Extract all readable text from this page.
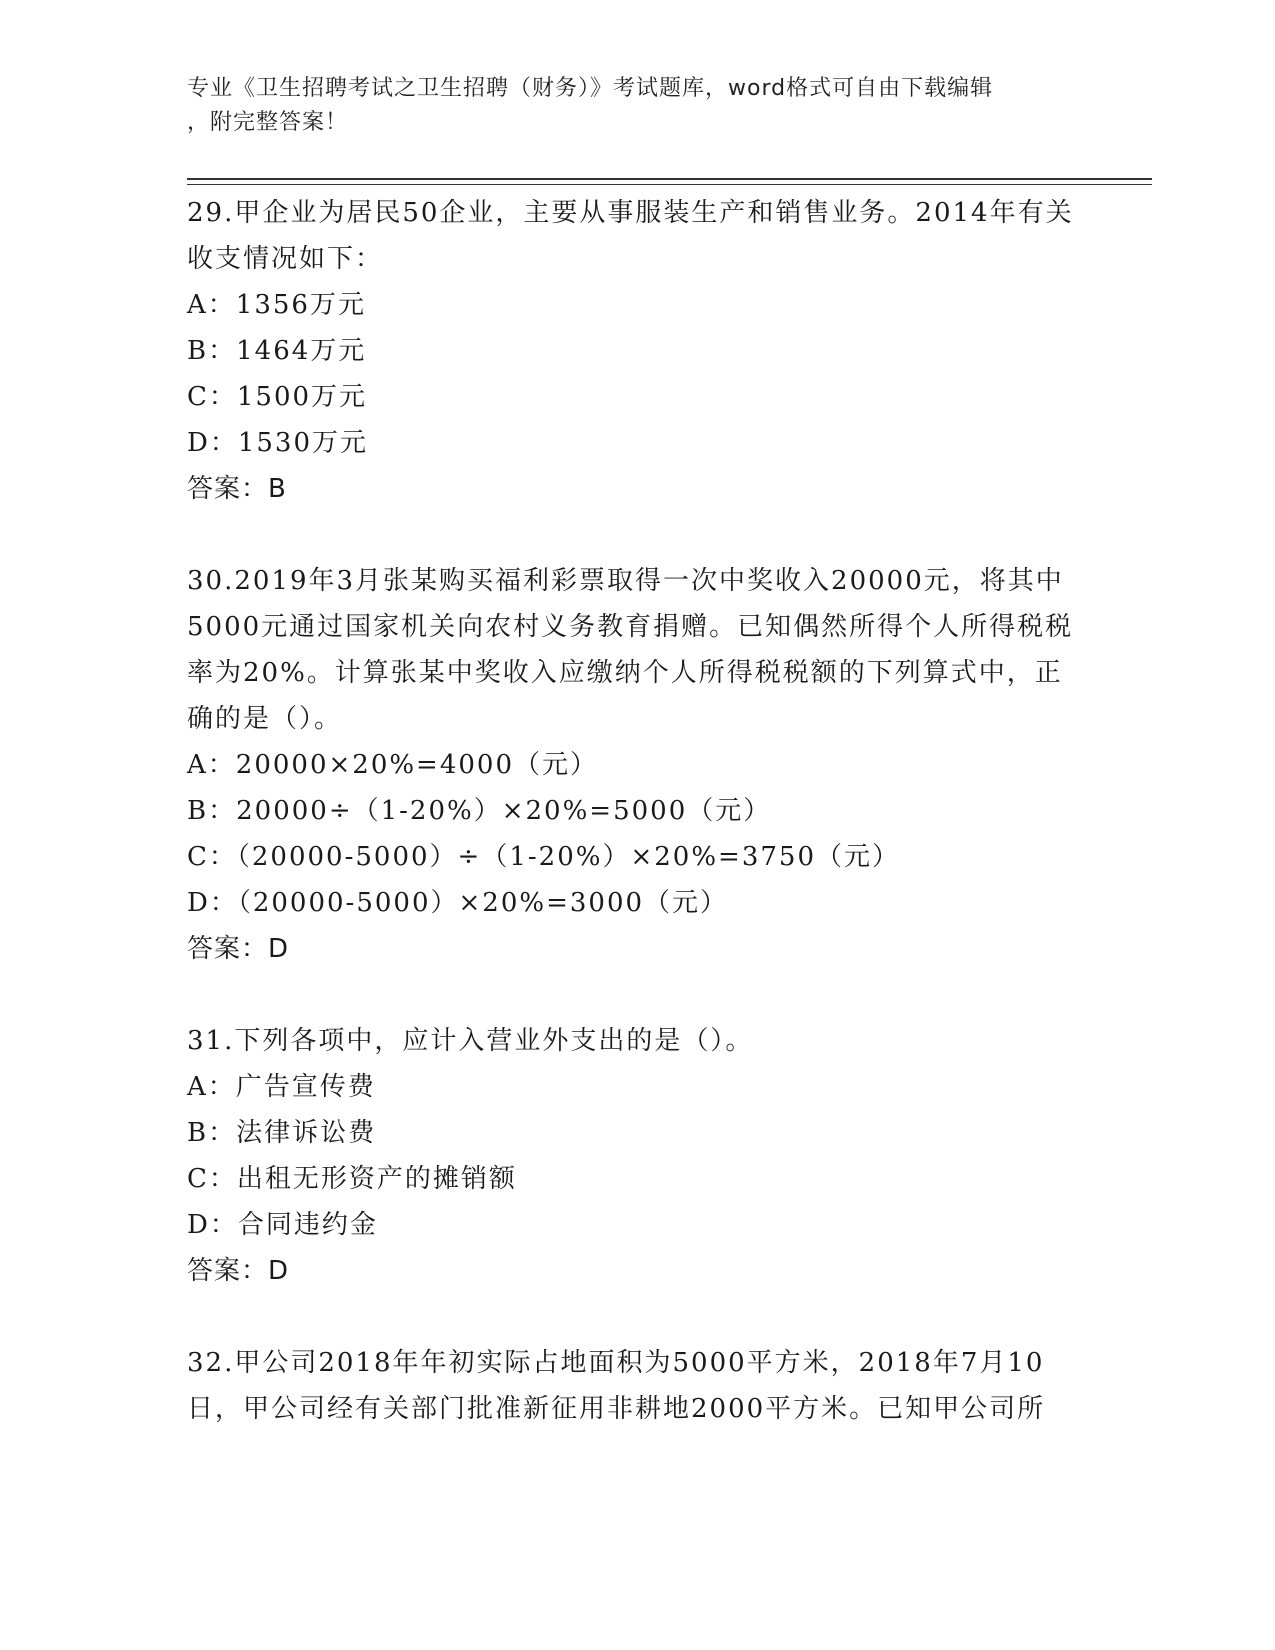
专业《卫生招聘考试之卫生招聘（财务）》考试题库，word格式可自由下载编辑
，附完整答案！

29.甲企业为居民50企业，主要从事服装生产和销售业务。2014年有关收支情况如下：

A：1356万元

B：1464万元

C：1500万元

D：1530万元

答案：B

30.2019年3月张某购买福利彩票取得一次中奖收入20000元，将其中5000元通过国家机关向农村义务教育捐赠。已知偶然所得个人所得税税率为20%。计算张某中奖收入应缴纳个人所得税税额的下列算式中，正确的是（）。

A：20000×20%=4000（元）

B：20000÷（1-20%）×20%=5000（元）

C：（20000-5000）÷（1-20%）×20%=3750（元）

D：（20000-5000）×20%=3000（元）

答案：D

31.下列各项中，应计入营业外支出的是（）。

A：广告宣传费

B：法律诉讼费

C：出租无形资产的摊销额

D：合同违约金

答案：D

32.甲公司2018年年初实际占地面积为5000平方米，2018年7月10日，甲公司经有关部门批准新征用非耕地2000平方米。已知甲公司所
